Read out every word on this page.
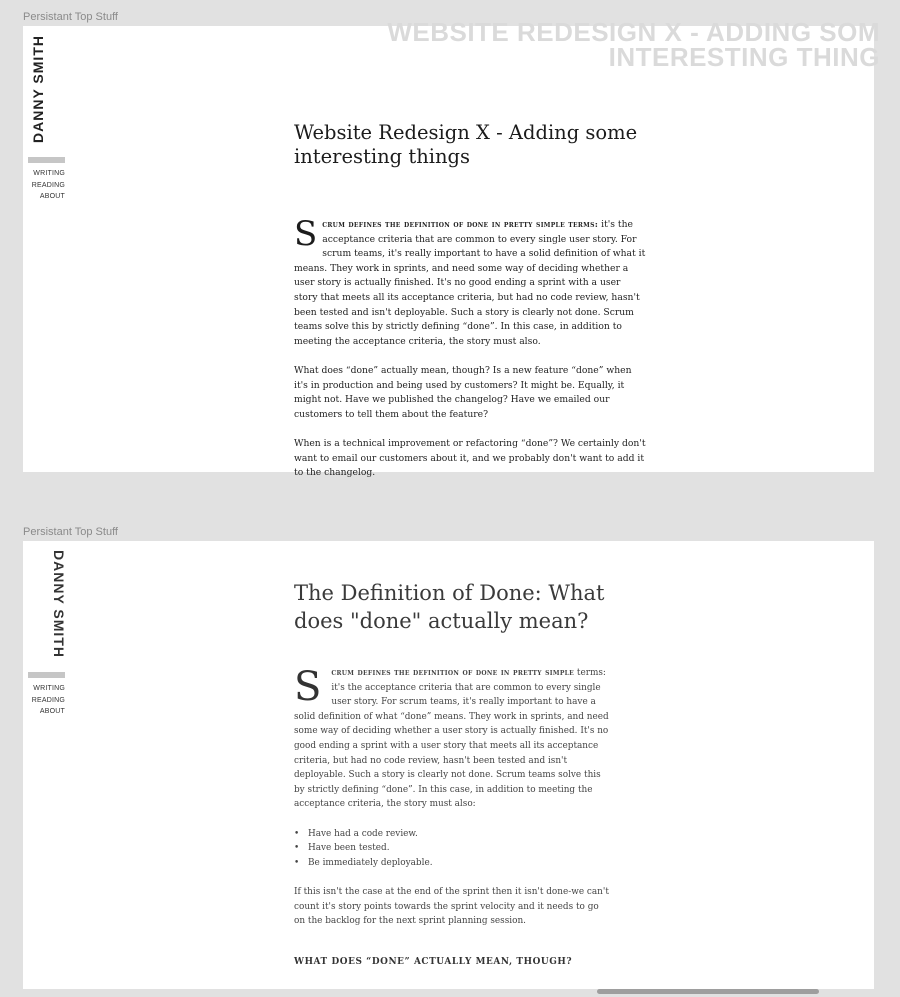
Persistant Top Stuff
DANNY SMITH
WRITING
READING
ABOUT
WEBSITE REDESIGN X - ADDING SOM
INTERESTING THING
Website Redesign X - Adding some interesting things

Scrum defines the definition of done in pretty simple terms: it's the acceptance criteria that are common to every single user story. For scrum teams, it's really important to have a solid definition of what it means. They work in sprints, and need some way of deciding whether a user story is actually finished. It's no good ending a sprint with a user story that meets all its acceptance criteria, but had no code review, hasn't been tested and isn't deployable. Such a story is clearly not done. Scrum teams solve this by strictly defining “done”. In this case, in addition to meeting the acceptance criteria, the story must also.

What does “done” actually mean, though? Is a new feature “done” when it's in production and being used by customers? It might be. Equally, it might not. Have we published the changelog? Have we emailed our customers to tell them about the feature?

When is a technical improvement or refactoring “done”? We certainly don't want to email our customers about it, and we probably don't want to add it to the changelog.

Persistant Top Stuff
DANNY SMITH
WRITING
READING
ABOUT
The Definition of Done: What does "done" actually mean?

S crum defines the definition of done in pretty simple terms: it's the acceptance criteria that are common to every single user story. For scrum teams, it's really important to have a solid definition of what “done” means. They work in sprints, and need some way of deciding whether a user story is actually finished. It's no good ending a sprint with a user story that meets all its acceptance criteria, but had no code review, hasn't been tested and isn't deployable. Such a story is clearly not done. Scrum teams solve this by strictly defining “done”. In this case, in addition to meeting the acceptance criteria, the story must also:

• Have had a code review.
• Have been tested.
• Be immediately deployable.

If this isn't the case at the end of the sprint then it isn't done-we can't count it's story points towards the sprint velocity and it needs to go on the backlog for the next sprint planning session.

WHAT DOES “DONE” ACTUALLY MEAN, THOUGH?
